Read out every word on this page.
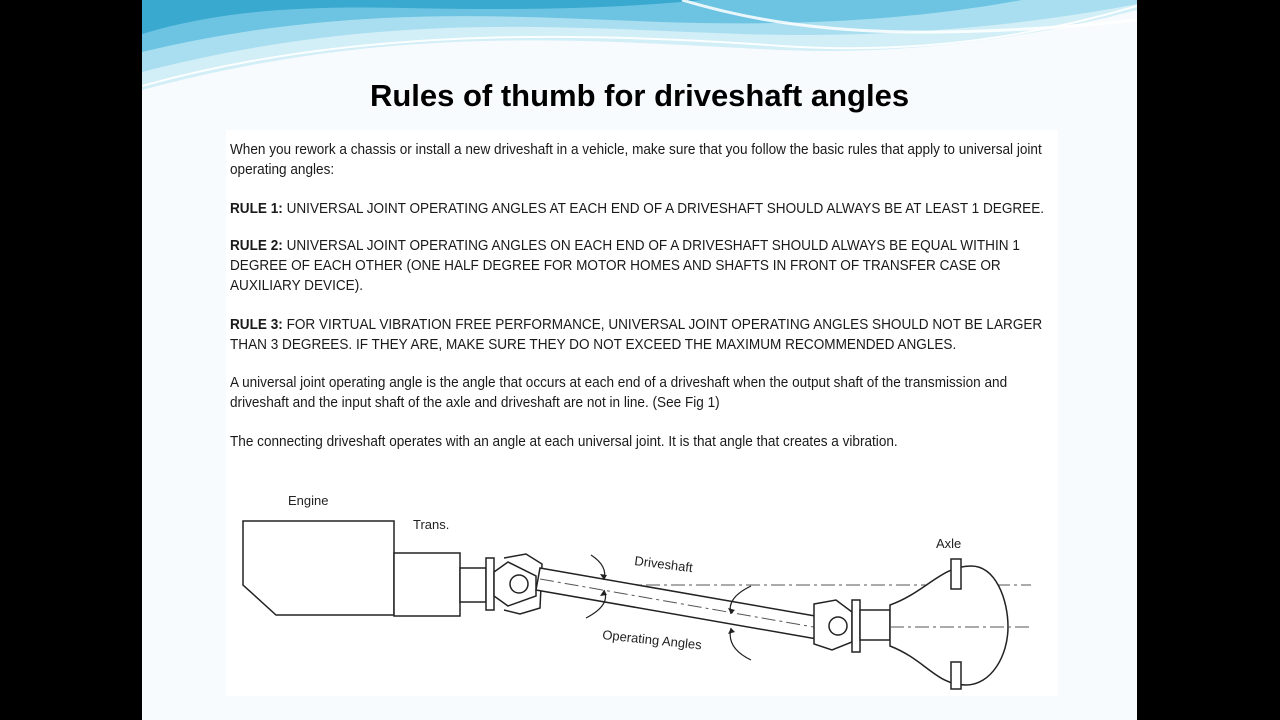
Rules of thumb for driveshaft angles

When you rework a chassis or install a new driveshaft in a vehicle, make sure that you follow the basic rules that apply to universal joint operating angles:

RULE 1: UNIVERSAL JOINT OPERATING ANGLES AT EACH END OF A DRIVESHAFT SHOULD ALWAYS BE AT LEAST 1 DEGREE.

RULE 2: UNIVERSAL JOINT OPERATING ANGLES ON EACH END OF A DRIVESHAFT SHOULD ALWAYS BE EQUAL WITHIN 1 DEGREE OF EACH OTHER (ONE HALF DEGREE FOR MOTOR HOMES AND SHAFTS IN FRONT OF TRANSFER CASE OR AUXILIARY DEVICE).

RULE 3: FOR VIRTUAL VIBRATION FREE PERFORMANCE, UNIVERSAL JOINT OPERATING ANGLES SHOULD NOT BE LARGER THAN 3 DEGREES. IF THEY ARE, MAKE SURE THEY DO NOT EXCEED THE MAXIMUM RECOMMENDED ANGLES.

A universal joint operating angle is the angle that occurs at each end of a driveshaft when the output shaft of the transmission and driveshaft and the input shaft of the axle and driveshaft are not in line. (See Fig 1)

The connecting driveshaft operates with an angle at each universal joint. It is that angle that creates a vibration.

Engine
Trans.
Driveshaft
Operating Angles
Axle
